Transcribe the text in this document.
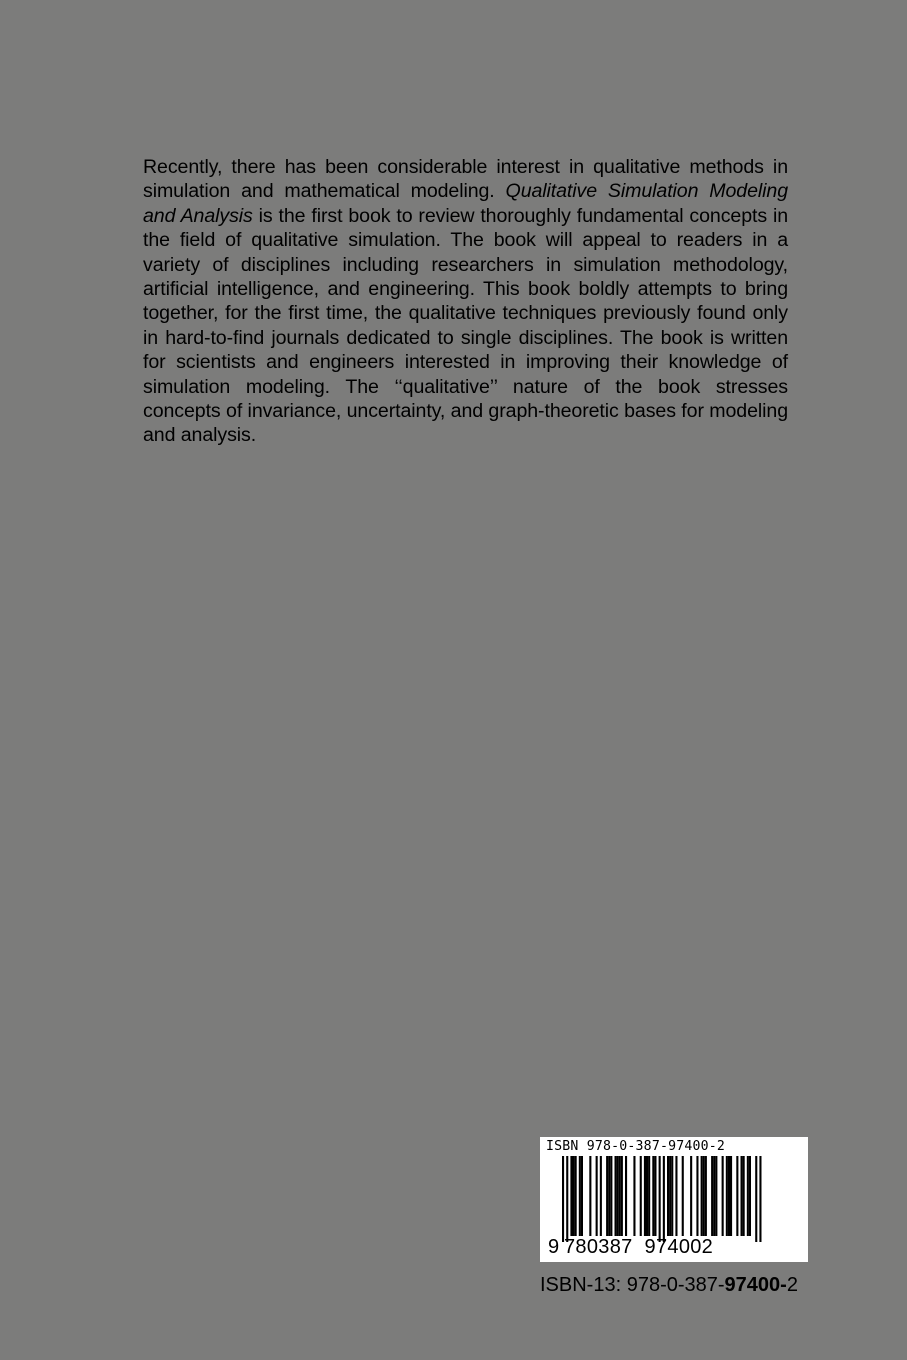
Recently, there has been considerable interest in qualitative methods in simulation and mathematical modeling. Qualitative Simulation Modeling and Analysis is the first book to review thoroughly fundamental concepts in the field of qualitative simulation. The book will appeal to readers in a variety of disciplines including researchers in simulation methodology, artificial intelligence, and engineering. This book boldly attempts to bring together, for the first time, the qualitative techniques previously found only in hard-to-find journals dedicated to single disciplines. The book is written for scientists and engineers interested in improving their knowledge of simulation modeling. The ‘‘qualitative’’ nature of the book stresses concepts of invariance, uncertainty, and graph-theoretic bases for modeling and analysis.

ISBN 978-0-387-97400-2
9 780387 974002
ISBN-13: 978-0-387-97400-2
